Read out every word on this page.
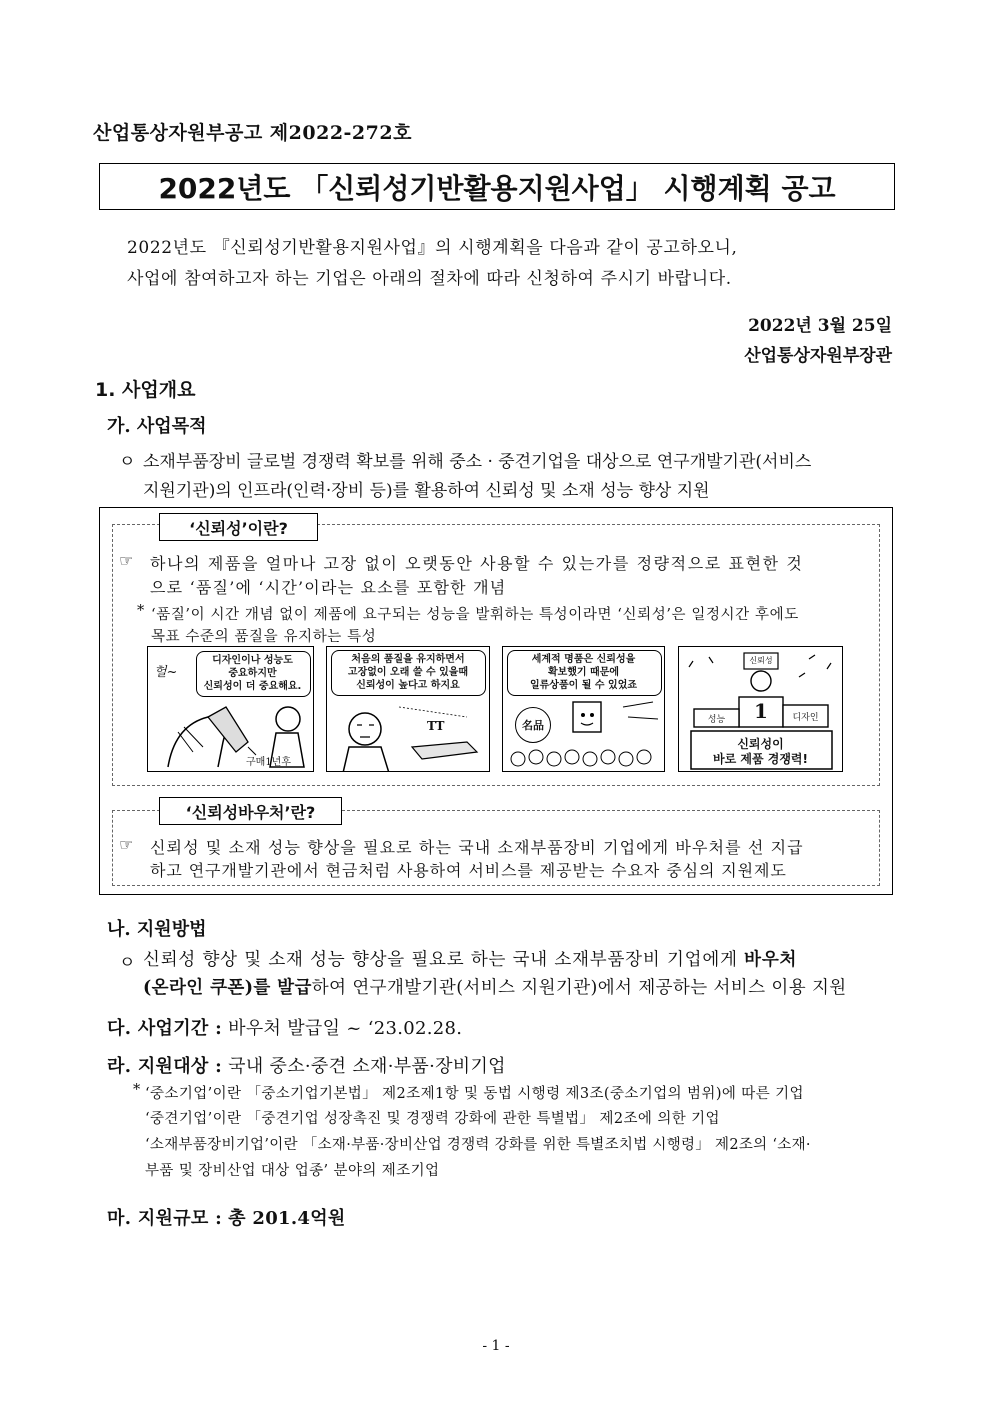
산업통상자원부공고 제2022-272호
2022년도 「신뢰성기반활용지원사업」 시행계획 공고
2022년도 『신뢰성기반활용지원사업』의 시행계획을 다음과 같이 공고하오니,
사업에 참여하고자 하는 기업은 아래의 절차에 따라 신청하여 주시기 바랍니다.
2022년 3월 25일
산업통상자원부장관
1. 사업개요
가. 사업목적
ㅇ 소재부품장비 글로벌 경쟁력 확보를 위해 중소 · 중견기업을 대상으로 연구개발기관(서비스
지원기관)의 인프라(인력·장비 등)를 활용하여 신뢰성 및 소재 성능 향상 지원
‘신뢰성’이란?
☞ 하나의 제품을 얼마나 고장 없이 오랫동안 사용할 수 있는가를 정량적으로 표현한 것
으로 ‘품질’에 ‘시간’이라는 요소를 포함한 개념
* ‘품질’이 시간 개념 없이 제품에 요구되는 성능을 발휘하는 특성이라면 ‘신뢰성’은 일정시간 후에도
목표 수준의 품질을 유지하는 특성
디자인이나 성능도
중요하지만
신뢰성이 더 중요해요.
헐~
구매1년후
처음의 품질을 유지하면서
고장없이 오래 쓸 수 있을때
신뢰성이 높다고 하지요
TT
세계적 명품은 신뢰성을
확보했기 때문에
일류상품이 될 수 있었죠
名品
신뢰성
1
성능	디자인
신뢰성이
바로 제품 경쟁력!
‘신뢰성바우처’란?
☞ 신뢰성 및 소재 성능 향상을 필요로 하는 국내 소재부품장비 기업에게 바우처를 선 지급
하고 연구개발기관에서 현금처럼 사용하여 서비스를 제공받는 수요자 중심의 지원제도
나. 지원방법
ㅇ 신뢰성 향상 및 소재 성능 향상을 필요로 하는 국내 소재부품장비 기업에게 바우처
(온라인 쿠폰)를 발급하여 연구개발기관(서비스 지원기관)에서 제공하는 서비스 이용 지원
다. 사업기간 : 바우처 발급일 ~ ‘23.02.28.
라. 지원대상 : 국내 중소·중견 소재·부품·장비기업
* ‘중소기업’이란 「중소기업기본법」 제2조제1항 및 동법 시행령 제3조(중소기업의 범위)에 따른 기업
‘중견기업’이란 「중견기업 성장촉진 및 경쟁력 강화에 관한 특별법」 제2조에 의한 기업
‘소재부품장비기업’이란 「소재·부품·장비산업 경쟁력 강화를 위한 특별조치법 시행령」 제2조의 ‘소재·
부품 및 장비산업 대상 업종’ 분야의 제조기업
마. 지원규모 : 총 201.4억원
- 1 -
